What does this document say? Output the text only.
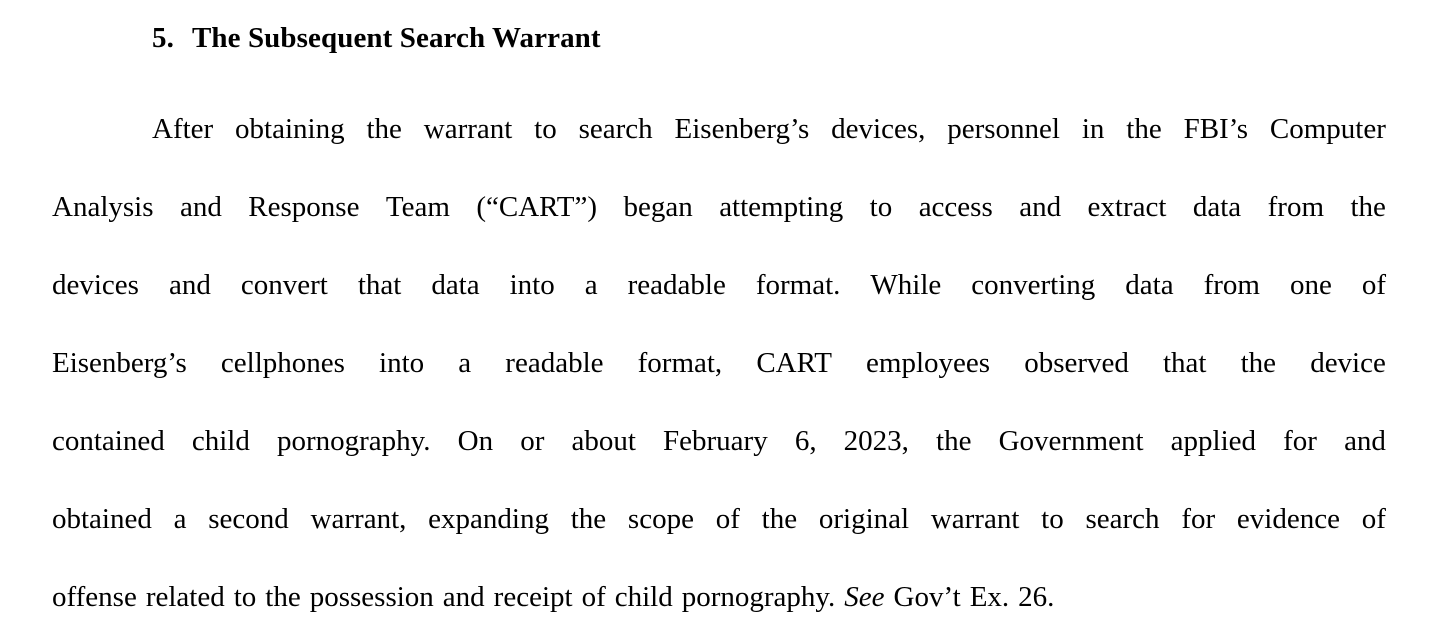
5. The Subsequent Search Warrant
After obtaining the warrant to search Eisenberg’s devices, personnel in the FBI’s Computer
Analysis and Response Team (“CART”) began attempting to access and extract data from the
devices and convert that data into a readable format. While converting data from one of
Eisenberg’s cellphones into a readable format, CART employees observed that the device
contained child pornography. On or about February 6, 2023, the Government applied for and
obtained a second warrant, expanding the scope of the original warrant to search for evidence of
offense related to the possession and receipt of child pornography. See Gov’t Ex. 26.
